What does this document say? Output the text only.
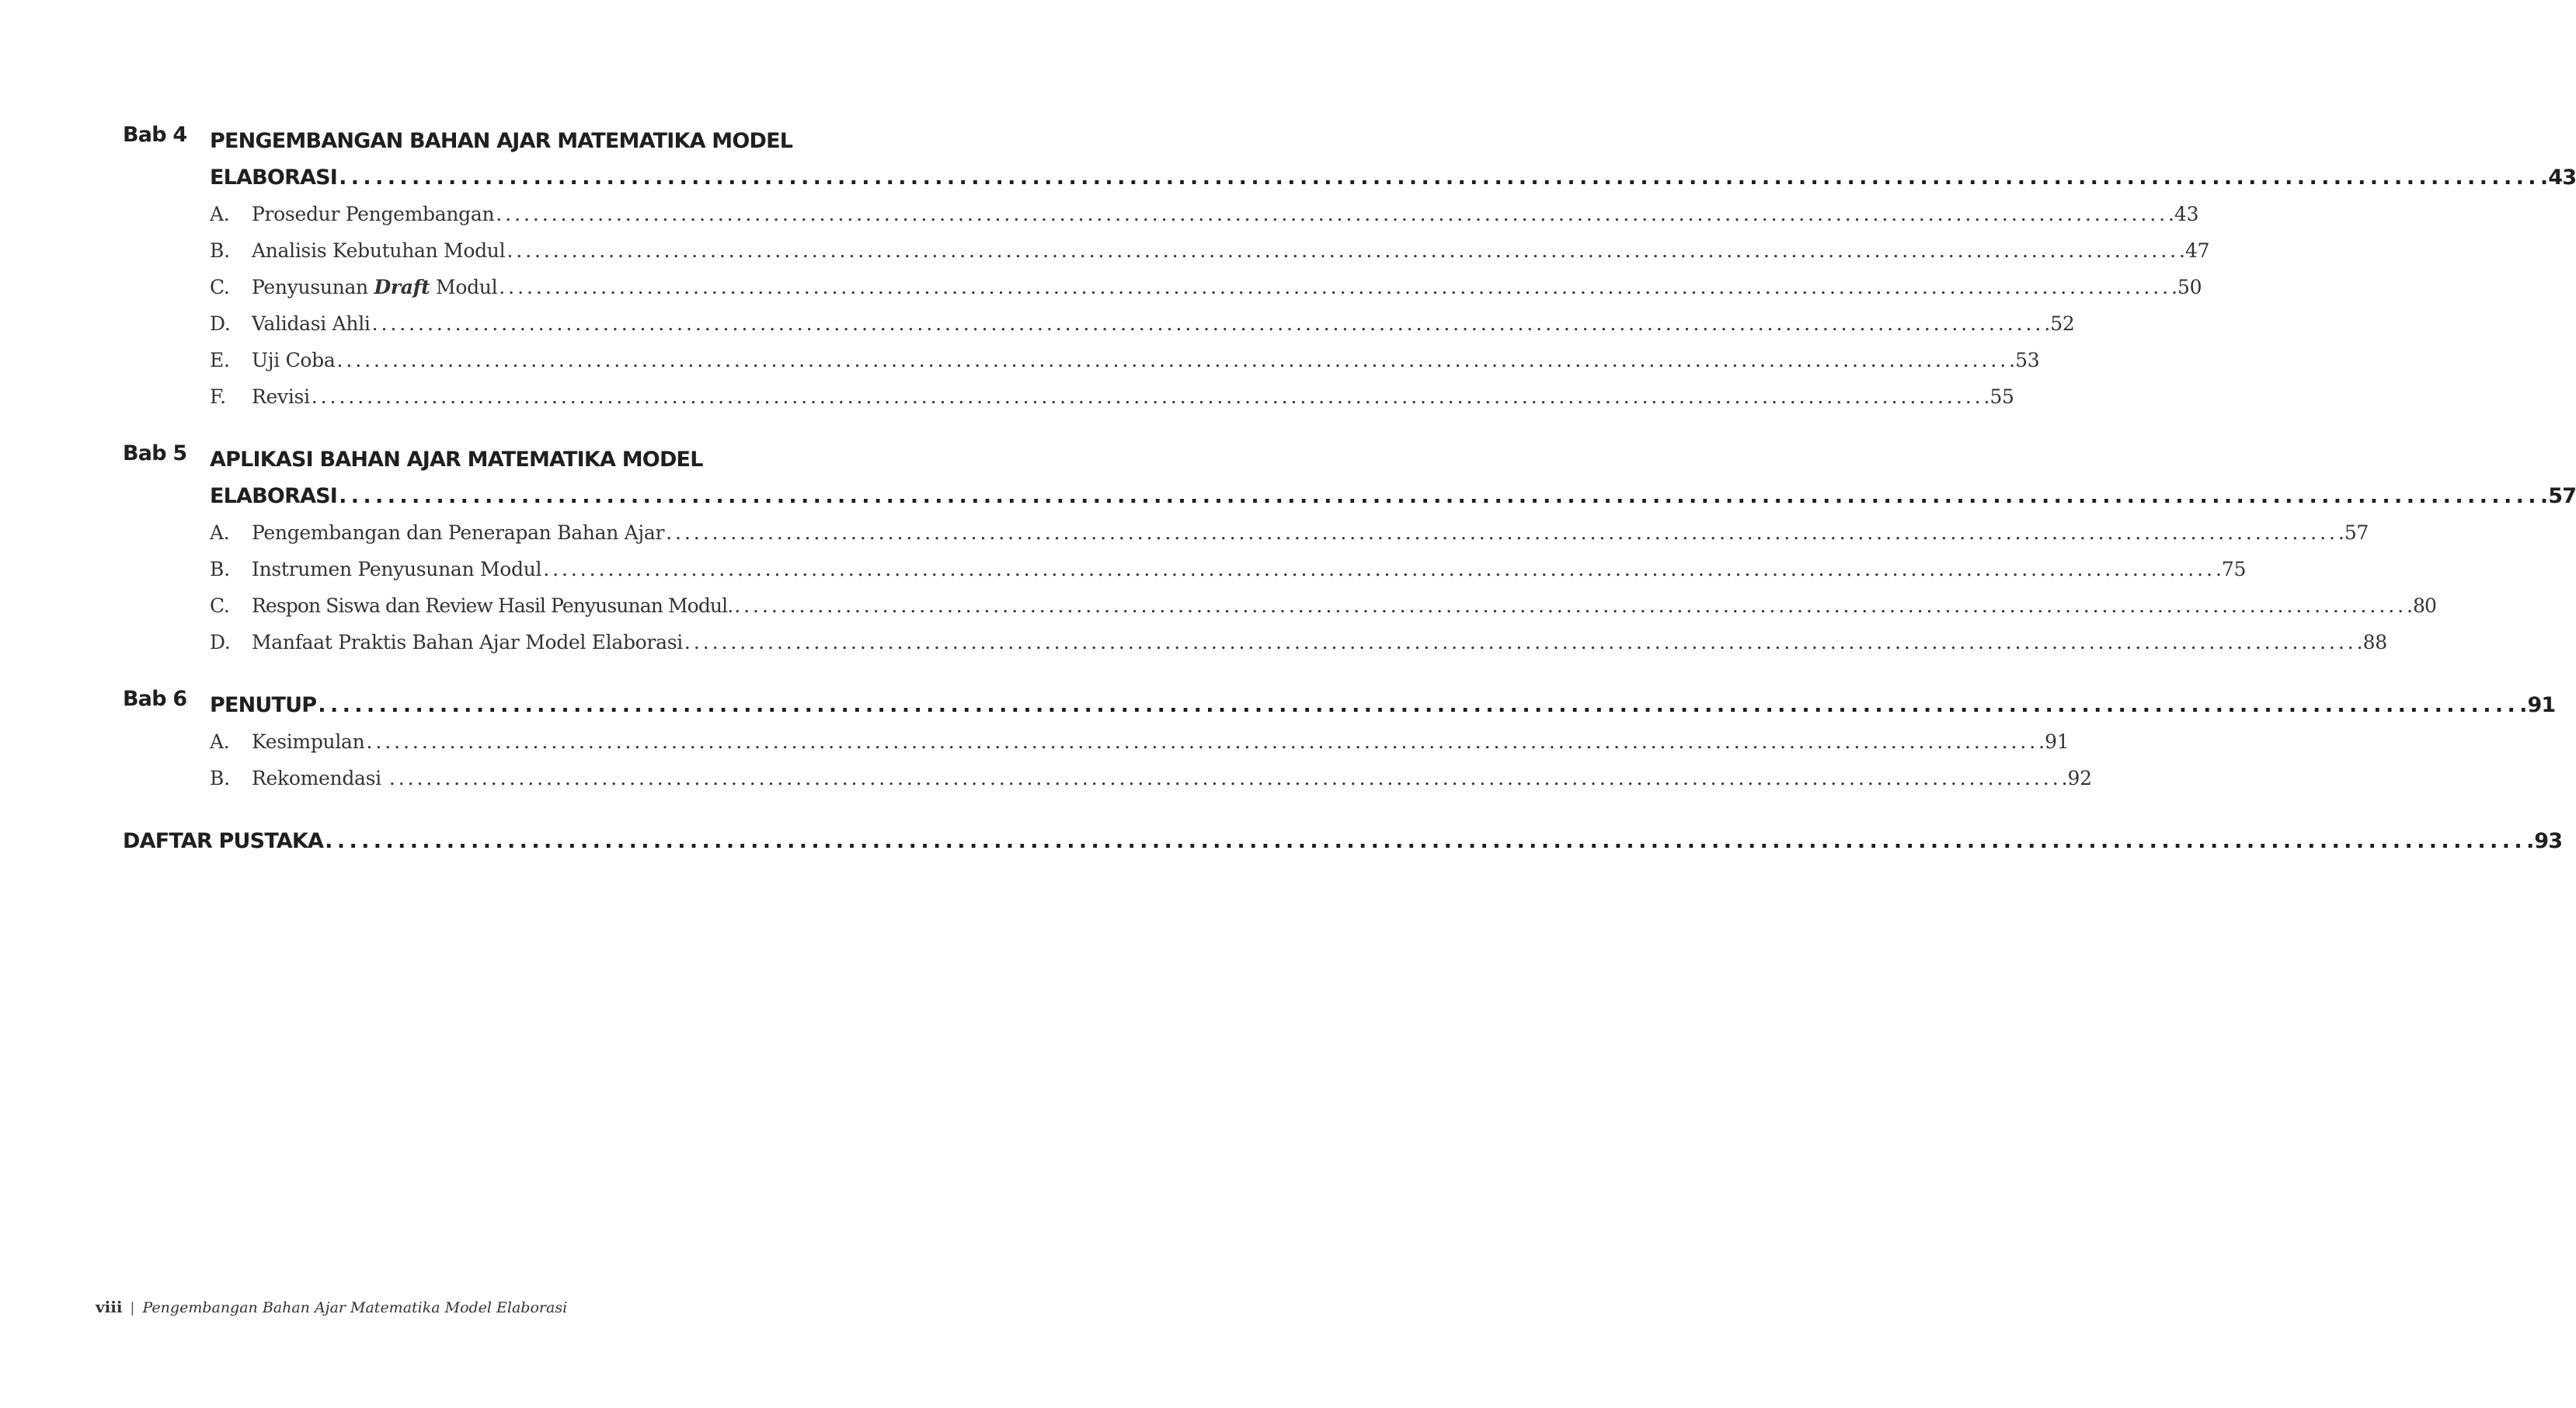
Bab 4	PENGEMBANGAN BAHAN AJAR MATEMATIKA MODEL
ELABORASI . . .	43
A.	Prosedur Pengembangan . . .	43
B.	Analisis Kebutuhan Modul . . .	47
C.	Penyusunan Draft Modul . . .	50
D.	Validasi Ahli . . .	52
E.	Uji Coba . . .	53
F.	Revisi . . .	55
Bab 5	APLIKASI BAHAN AJAR MATEMATIKA MODEL
ELABORASI . . .	57
A.	Pengembangan dan Penerapan Bahan Ajar . . .	57
B.	Instrumen Penyusunan Modul . . .	75
C.	Respon Siswa dan Review Hasil Penyusunan Modul. . . .	80
D.	Manfaat Praktis Bahan Ajar Model Elaborasi . . .	88
Bab 6	PENUTUP . . .	91
A.	Kesimpulan . . .	91
B.	Rekomendasi . . .	92
DAFTAR PUSTAKA . . .	93
viii | Pengembangan Bahan Ajar Matematika Model Elaborasi
